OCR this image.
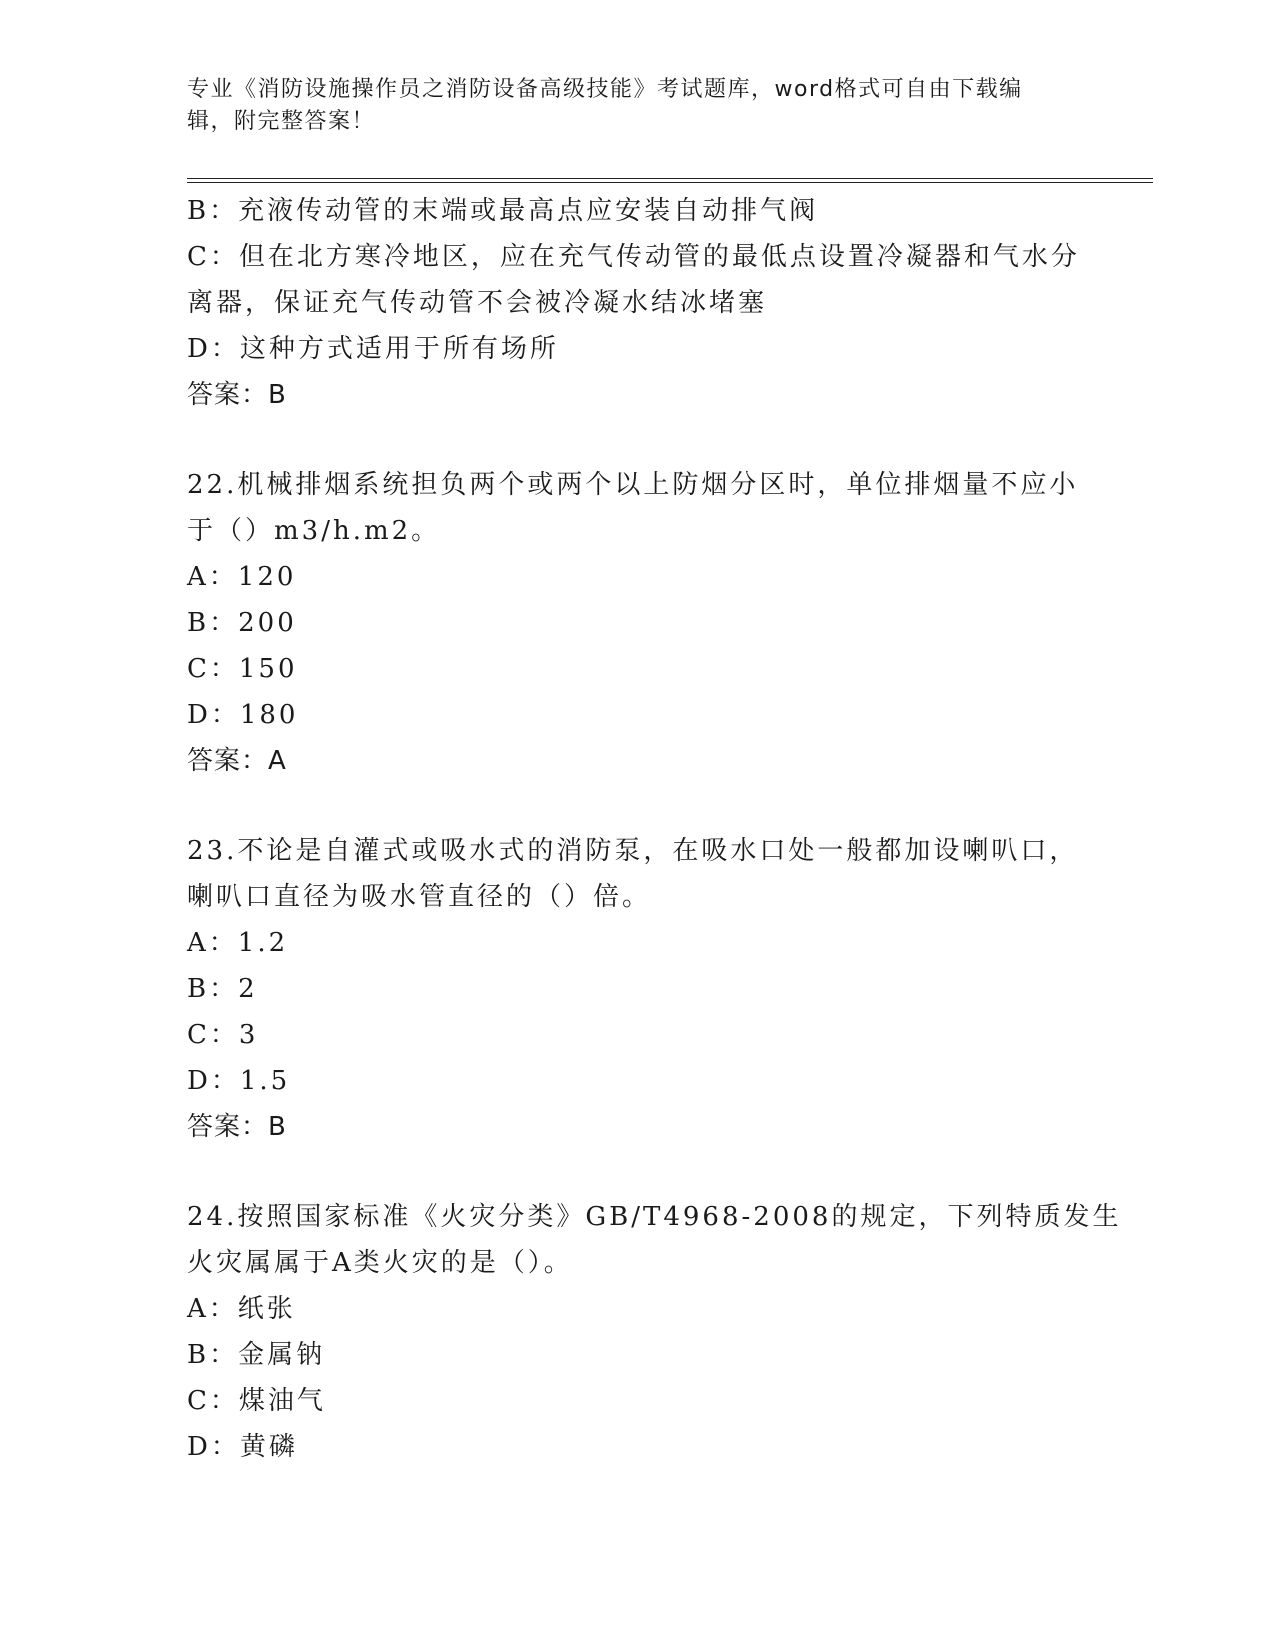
专业《消防设施操作员之消防设备高级技能》考试题库，word格式可自由下载编辑，附完整答案！
B：充液传动管的末端或最高点应安装自动排气阀
C：但在北方寒冷地区，应在充气传动管的最低点设置冷凝器和气水分
离器，保证充气传动管不会被冷凝水结冰堵塞
D：这种方式适用于所有场所
答案：B
22.机械排烟系统担负两个或两个以上防烟分区时，单位排烟量不应小
于（）m3/h.m2。
A：120
B：200
C：150
D：180
答案：A
23.不论是自灌式或吸水式的消防泵，在吸水口处一般都加设喇叭口，
喇叭口直径为吸水管直径的（）倍。
A：1.2
B：2
C：3
D：1.5
答案：B
24.按照国家标准《火灾分类》GB/T4968-2008的规定，下列特质发生
火灾属属于A类火灾的是（）。
A：纸张
B：金属钠
C：煤油气
D：黄磷
